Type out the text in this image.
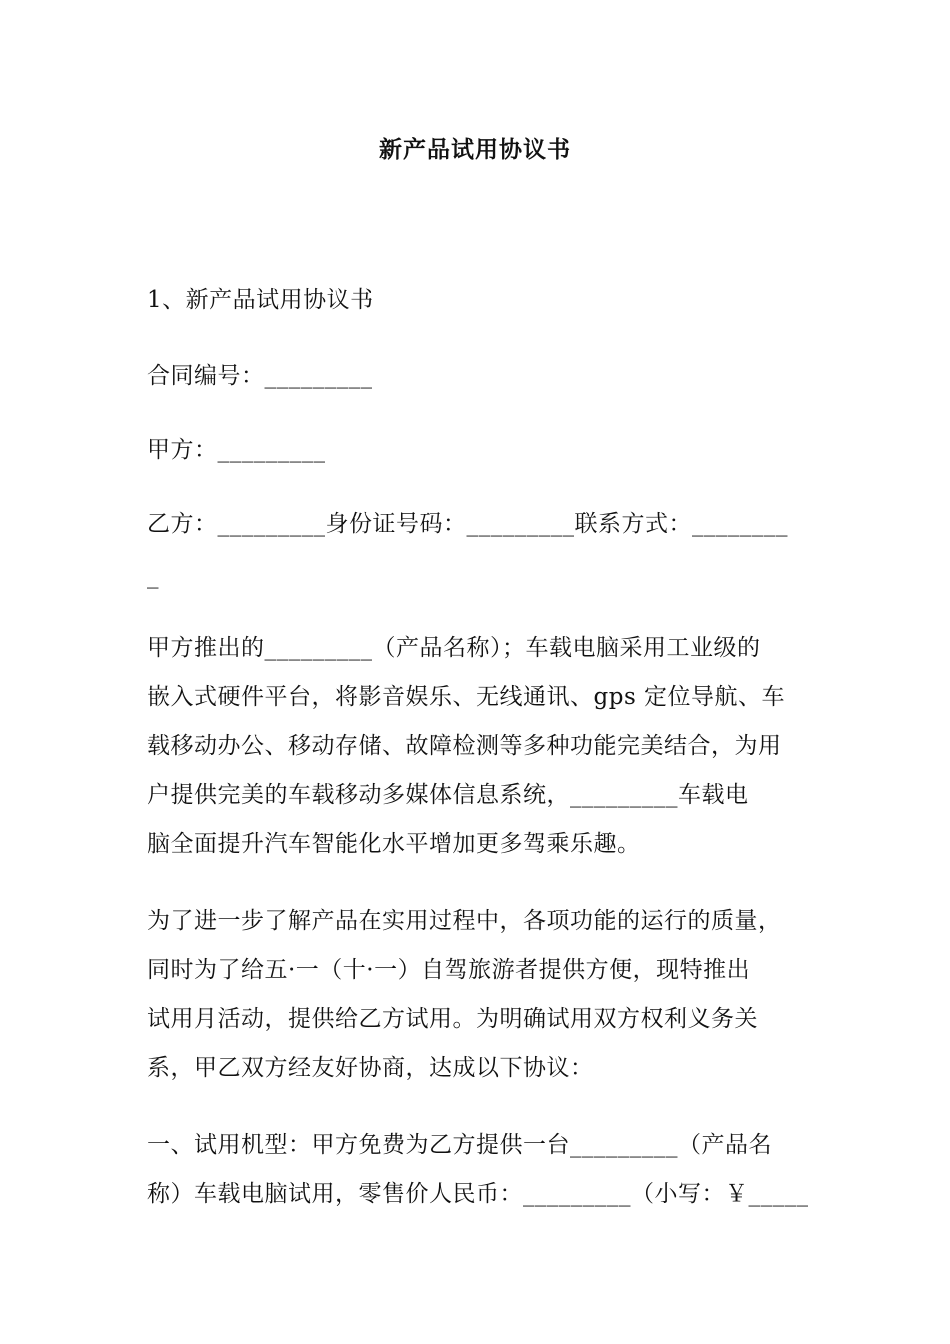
新产品试用协议书
1、新产品试用协议书
合同编号：_________
甲方：_________
乙方：_________身份证号码：_________联系方式：________
_
甲方推出的_________（产品名称）；车载电脑采用工业级的
嵌入式硬件平台，将影音娱乐、无线通讯、gps 定位导航、车
载移动办公、移动存储、故障检测等多种功能完美结合，为用
户提供完美的车载移动多媒体信息系统，_________车载电
脑全面提升汽车智能化水平增加更多驾乘乐趣。
为了进一步了解产品在实用过程中，各项功能的运行的质量，
同时为了给五·一（十·一）自驾旅游者提供方便，现特推出
试用月活动，提供给乙方试用。为明确试用双方权利义务关
系，甲乙双方经友好协商，达成以下协议：
一、试用机型：甲方免费为乙方提供一台_________（产品名
称）车载电脑试用，零售价人民币：_________（小写：￥_____
